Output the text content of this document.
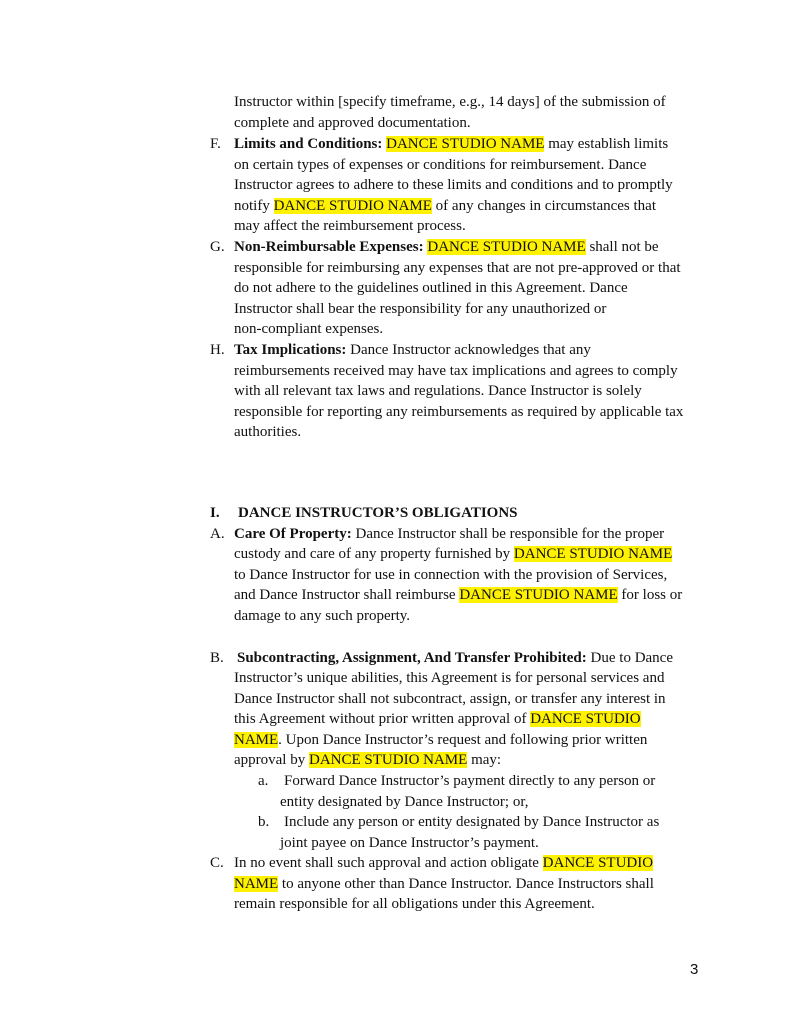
Instructor within [specify timeframe, e.g., 14 days] of the submission of

complete and approved documentation.

F. Limits and Conditions: DANCE STUDIO NAME may establish limits

on certain types of expenses or conditions for reimbursement. Dance

Instructor agrees to adhere to these limits and conditions and to promptly

notify DANCE STUDIO NAME of any changes in circumstances that

may affect the reimbursement process.

G. Non-Reimbursable Expenses: DANCE STUDIO NAME shall not be

responsible for reimbursing any expenses that are not pre-approved or that

do not adhere to the guidelines outlined in this Agreement. Dance

Instructor shall bear the responsibility for any unauthorized or

non-compliant expenses.

H. Tax Implications: Dance Instructor acknowledges that any

reimbursements received may have tax implications and agrees to comply

with all relevant tax laws and regulations. Dance Instructor is solely

responsible for reporting any reimbursements as required by applicable tax

authorities.

I. DANCE INSTRUCTOR’S OBLIGATIONS
A. Care Of Property: Dance Instructor shall be responsible for the proper

custody and care of any property furnished by DANCE STUDIO NAME

to Dance Instructor for use in connection with the provision of Services,

and Dance Instructor shall reimburse DANCE STUDIO NAME for loss or

damage to any such property.

B. Subcontracting, Assignment, And Transfer Prohibited: Due to Dance

Instructor’s unique abilities, this Agreement is for personal services and

Dance Instructor shall not subcontract, assign, or transfer any interest in

this Agreement without prior written approval of DANCE STUDIO

NAME. Upon Dance Instructor’s request and following prior written

approval by DANCE STUDIO NAME may:

a. Forward Dance Instructor’s payment directly to any person or

entity designated by Dance Instructor; or,

b. Include any person or entity designated by Dance Instructor as

joint payee on Dance Instructor’s payment.

C. In no event shall such approval and action obligate DANCE STUDIO

NAME to anyone other than Dance Instructor. Dance Instructors shall

remain responsible for all obligations under this Agreement.

3
